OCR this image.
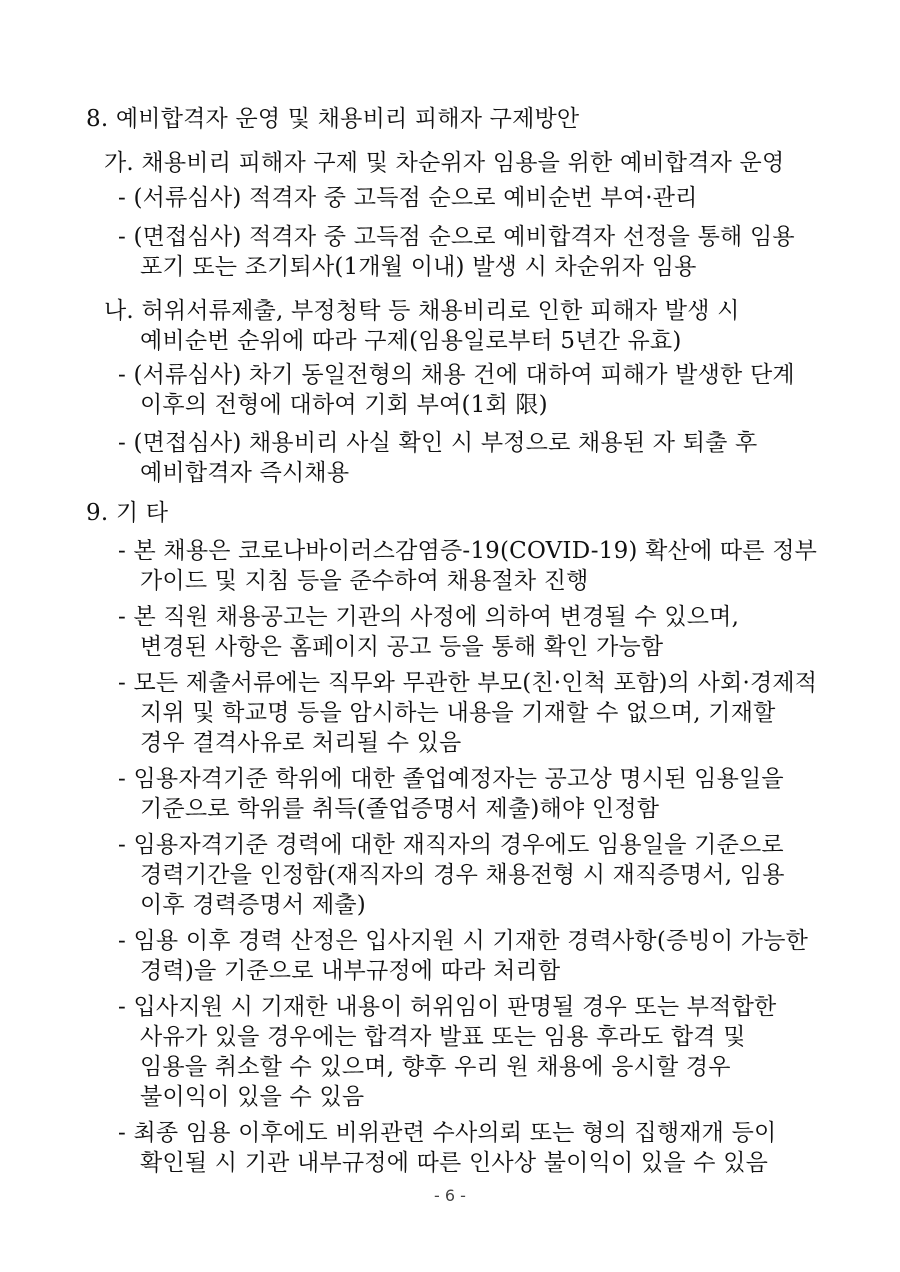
8. 예비합격자 운영 및 채용비리 피해자 구제방안
가. 채용비리 피해자 구제 및 차순위자 임용을 위한 예비합격자 운영
- (서류심사) 적격자 중 고득점 순으로 예비순번 부여·관리
- (면접심사) 적격자 중 고득점 순으로 예비합격자 선정을 통해 임용
포기 또는 조기퇴사(1개월 이내) 발생 시 차순위자 임용
나. 허위서류제출, 부정청탁 등 채용비리로 인한 피해자 발생 시
예비순번 순위에 따라 구제(임용일로부터 5년간 유효)
- (서류심사) 차기 동일전형의 채용 건에 대하여 피해가 발생한 단계
이후의 전형에 대하여 기회 부여(1회 限)
- (면접심사) 채용비리 사실 확인 시 부정으로 채용된 자 퇴출 후
예비합격자 즉시채용
9. 기 타
- 본 채용은 코로나바이러스감염증-19(COVID-19) 확산에 따른 정부
가이드 및 지침 등을 준수하여 채용절차 진행
- 본 직원 채용공고는 기관의 사정에 의하여 변경될 수 있으며,
변경된 사항은 홈페이지 공고 등을 통해 확인 가능함
- 모든 제출서류에는 직무와 무관한 부모(친·인척 포함)의 사회·경제적
지위 및 학교명 등을 암시하는 내용을 기재할 수 없으며, 기재할
경우 결격사유로 처리될 수 있음
- 임용자격기준 학위에 대한 졸업예정자는 공고상 명시된 임용일을
기준으로 학위를 취득(졸업증명서 제출)해야 인정함
- 임용자격기준 경력에 대한 재직자의 경우에도 임용일을 기준으로
경력기간을 인정함(재직자의 경우 채용전형 시 재직증명서, 임용
이후 경력증명서 제출)
- 임용 이후 경력 산정은 입사지원 시 기재한 경력사항(증빙이 가능한
경력)을 기준으로 내부규정에 따라 처리함
- 입사지원 시 기재한 내용이 허위임이 판명될 경우 또는 부적합한
사유가 있을 경우에는 합격자 발표 또는 임용 후라도 합격 및
임용을 취소할 수 있으며, 향후 우리 원 채용에 응시할 경우
불이익이 있을 수 있음
- 최종 임용 이후에도 비위관련 수사의뢰 또는 형의 집행재개 등이
확인될 시 기관 내부규정에 따른 인사상 불이익이 있을 수 있음
- 6 -
